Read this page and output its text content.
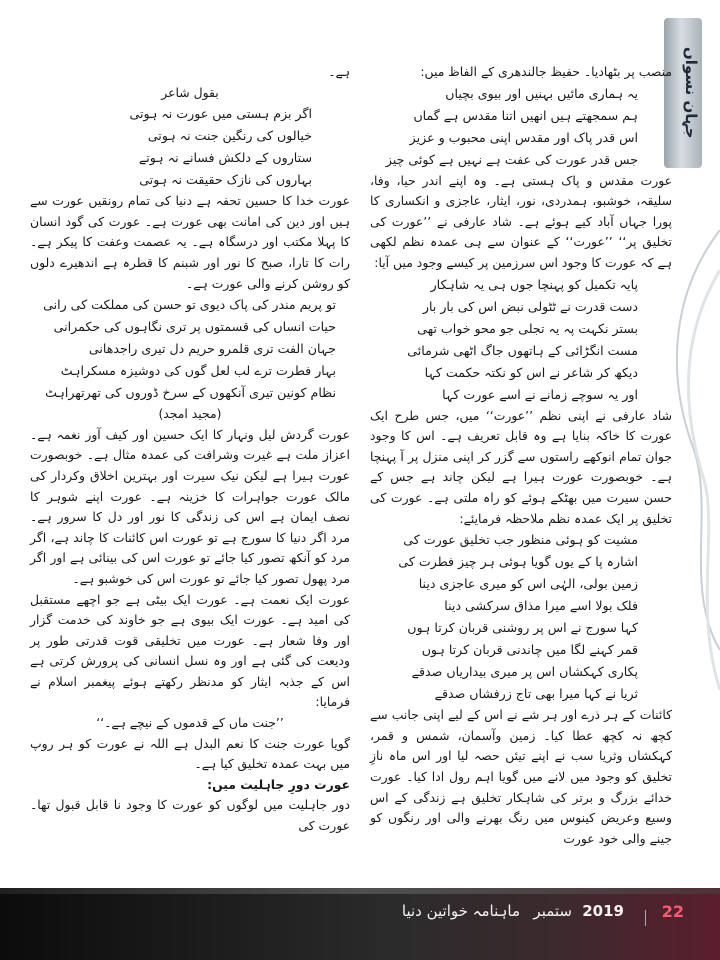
جہان نسواں

منصب پر بٹھادیا۔ حفیظ جالندھری کے الفاظ میں:

یہ ہماری مائیں بہنیں اور بیوی بچیاں
ہم سمجھتے ہیں انھیں اتنا مقدس ہے گماں
اس قدر پاک اور مقدس اپنی محبوب و عزیز
جس قدر عورت کی عفت ہے نہیں ہے کوئی چیز

عورت مقدس و پاک ہستی ہے۔ وہ اپنے اندر حیا، وفا، سلیقہ، خوشبو، ہمدردی، نور، ایثار، عاجزی و انکساری کا پورا جہاں آباد کیے ہوئے ہے۔ شاد عارفی نے ’’عورت کی تخلیق پر‘‘ ’’عورت‘‘ کے عنوان سے ہی عمدہ نظم لکھی ہے کہ عورت کا وجود اس سرزمین پر کیسے وجود میں آیا:

پایہ تکمیل کو پہنچا جوں ہی یہ شاہکار
دست قدرت نے ٹٹولی نبض اس کی بار بار
بستر نکہت پہ یہ تجلی جو محو خواب تھی
مست انگڑائی کے ہاتھوں جاگ اٹھی شرمائی
دیکھ کر شاعر نے اس کو نکتہ حکمت کہا
اور یہ سوچے زمانے نے اسے عورت کہا

شاد عارفی نے اپنی نظم ’’عورت‘‘ میں، جس طرح ایک عورت کا خاکہ بنایا ہے وہ قابل تعریف ہے۔ اس کا وجود جوان تمام انوکھے راستوں سے گزر کر اپنی منزل پر آ پہنچا ہے۔ خوبصورت عورت ہیرا ہے لیکن چاند ہے جس کے حسن سیرت میں بھٹکے ہوئے کو راہ ملتی ہے۔ عورت کی تخلیق پر ایک عمدہ نظم ملاحظہ فرمایئے:

مشیت کو ہوئی منظور جب تخلیق عورت کی
اشارہ پا کے یوں گویا ہوئی ہر چیز فطرت کی
زمین بولی، الہٰی اس کو میری عاجزی دینا
فلک بولا اسے میرا مذاق سرکشی دینا
کہا سورج نے اس پر روشنی قربان کرتا ہوں
قمر کہنے لگا میں چاندنی قربان کرتا ہوں
پکاری کہکشاں اس پر میری بیداریاں صدقے
ثریا نے کہا میرا بھی تاج زرفشاں صدقے

کائنات کے ہر ذرے اور ہر شے نے اس کے لیے اپنی جانب سے کچھ نہ کچھ عطا کیا۔ زمین وآسمان، شمس و قمر، کہکشاں وثریا سب نے اپنے تیئں حصہ لیا اور اس ماہ نازِ تخلیق کو وجود میں لانے میں گویا اہم رول ادا کیا۔ عورت خدائے بزرگ و برتر کی شاہکار تخلیق ہے زندگی کے اس وسیع وعریض کینوس میں رنگ بھرنے والی اور رنگوں کو جینے والی خود عورت

ہے۔

بقول شاعر

اگر بزم ہستی میں عورت نہ ہوتی
خیالوں کی رنگین جنت نہ ہوتی
ستاروں کے دلکش فسانے نہ ہوتے
بہاروں کی نازک حقیقت نہ ہوتی

عورت خدا کا حسین تحفہ ہے دنیا کی تمام رونقیں عورت سے ہیں اور دین کی امانت بھی عورت ہے۔ عورت کی گود انسان کا پہلا مکتب اور درسگاہ ہے۔ یہ عصمت وعفت کا پیکر ہے۔ رات کا تارا، صبح کا نور اور شبنم کا قطرہ ہے اندھیرے دلوں کو روشن کرنے والی عورت ہے۔

تو پریم مندر کی پاک دیوی تو حسن کی مملکت کی رانی
حیات انساں کی قسمتوں پر تری نگاہوں کی حکمرانی
جہان الفت تری قلمرو حریم دل تیری راجدھانی
بہار فطرت ترے لب لعل گوں کی دوشیزہ مسکراہٹ
نظام کونین تیری آنکھوں کے سرخ ڈوروں کی تھرتھراہٹ

(مجید امجد)

عورت گردش لیل ونہار کا ایک حسین اور کیف آور نغمہ ہے۔ اعزاز ملت ہے غیرت وشرافت کی عمدہ مثال ہے۔ خوبصورت عورت ہیرا ہے لیکن نیک سیرت اور بہترین اخلاق وکردار کی مالک عورت جواہرات کا خزینہ ہے۔ عورت اپنے شوہر کا نصف ایمان ہے اس کی زندگی کا نور اور دل کا سرور ہے۔ مرد اگر دنیا کا سورج ہے تو عورت اس کائنات کا چاند ہے، اگر مرد کو آنکھ تصور کیا جائے تو عورت اس کی بینائی ہے اور اگر مرد پھول تصور کیا جائے تو عورت اس کی خوشبو ہے۔

عورت ایک نعمت ہے۔ عورت ایک بیٹی ہے جو اچھے مستقبل کی امید ہے۔ عورت ایک بیوی ہے جو خاوند کی خدمت گزار اور وفا شعار ہے۔ عورت میں تخلیقی قوت قدرتی طور پر ودیعت کی گئی ہے اور وہ نسل انسانی کی پرورش کرتی ہے اس کے جذبہ ایثار کو مدنظر رکھتے ہوئے پیغمبر اسلام نے فرمایا:

’’جنت ماں کے قدموں کے نیچے ہے۔‘‘

گویا عورت جنت کا نعم البدل ہے اللہ نے عورت کو ہر روپ میں بہت عمدہ تخلیق کیا ہے۔

عورت دورِ جاہلیت میں:

دور جاہلیت میں لوگوں کو عورت کا وجود نا قابل قبول تھا۔ عورت کی

22
2019
ستمبر
ماہنامہ خواتین دنیا
